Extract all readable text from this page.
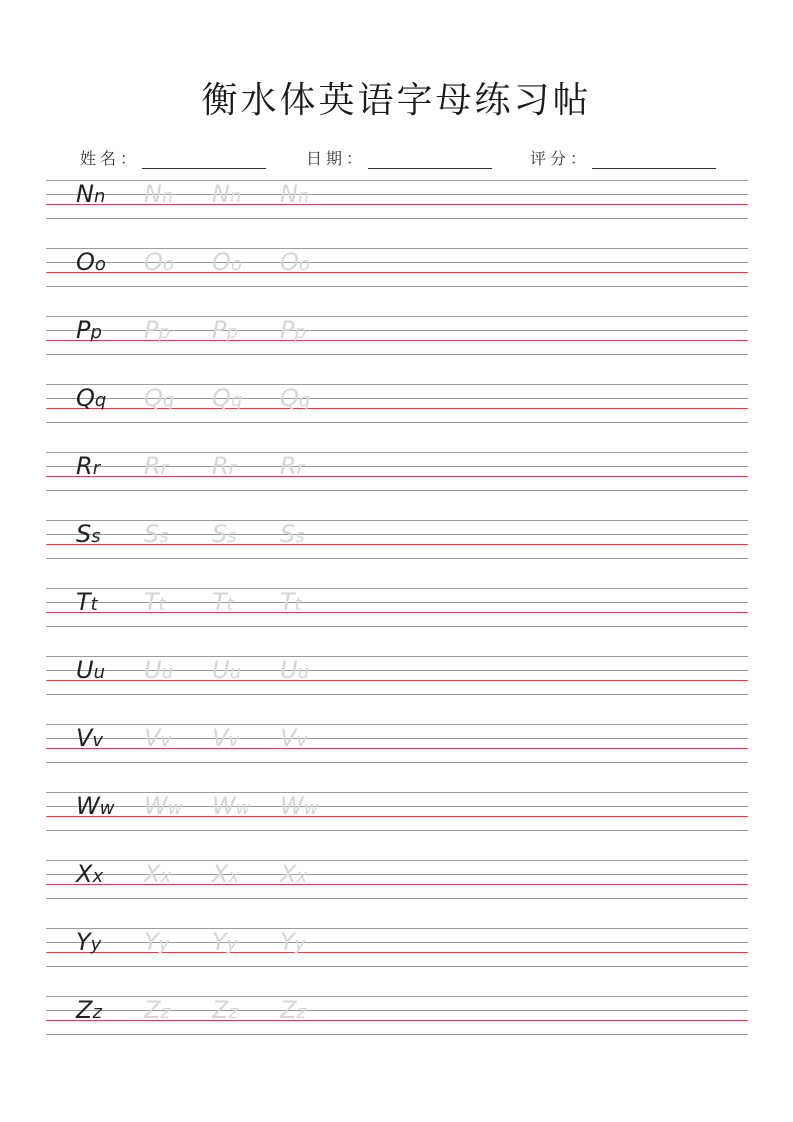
衡水体英语字母练习帖
姓名：	日期：	评分：
Nn Nn Nn Nn
Oo Oo Oo Oo
Pp Pp Pp Pp
Qq Qq Qq Qq
Rr Rr Rr Rr
Ss Ss Ss Ss
Tt Tt Tt Tt
Uu Uu Uu Uu
Vv Vv Vv Vv
Ww Ww Ww Ww
Xx Xx Xx Xx
Yy Yy Yy Yy
Zz Zz Zz Zz
